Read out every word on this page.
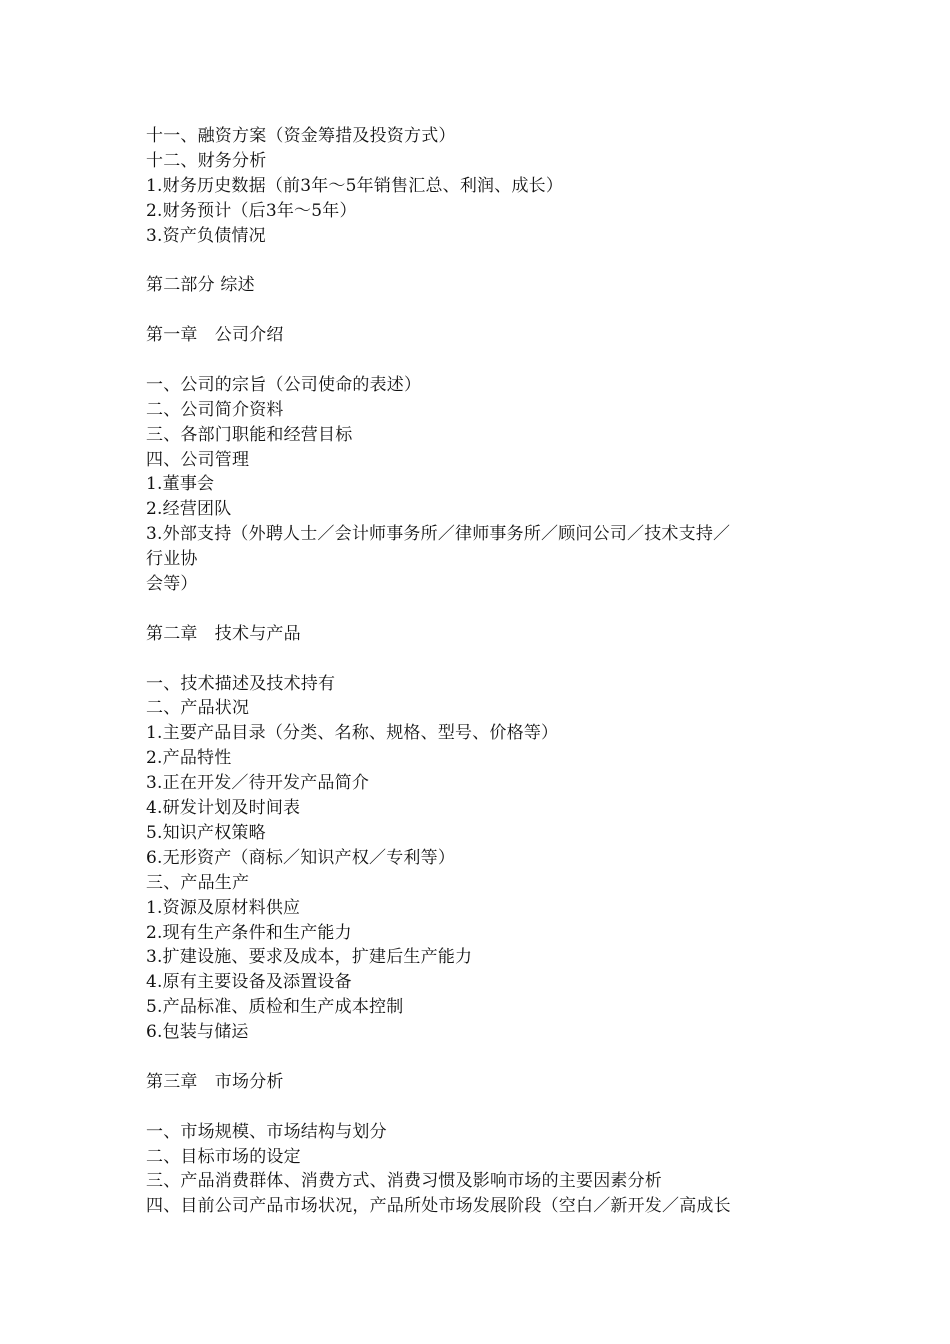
十一、融资方案（资金筹措及投资方式）
十二、财务分析
1.财务历史数据（前3年～5年销售汇总、利润、成长）
2.财务预计（后3年～5年）
3.资产负债情况
第二部分 综述
第一章　公司介绍
一、公司的宗旨（公司使命的表述）
二、公司简介资料
三、各部门职能和经营目标
四、公司管理
1.董事会
2.经营团队
3.外部支持（外聘人士／会计师事务所／律师事务所／顾问公司／技术支持／
行业协
会等）
第二章　技术与产品
一、技术描述及技术持有
二、产品状况
1.主要产品目录（分类、名称、规格、型号、价格等）
2.产品特性
3.正在开发／待开发产品简介
4.研发计划及时间表
5.知识产权策略
6.无形资产（商标／知识产权／专利等）
三、产品生产
1.资源及原材料供应
2.现有生产条件和生产能力
3.扩建设施、要求及成本，扩建后生产能力
4.原有主要设备及添置设备
5.产品标准、质检和生产成本控制
6.包装与储运
第三章　市场分析
一、市场规模、市场结构与划分
二、目标市场的设定
三、产品消费群体、消费方式、消费习惯及影响市场的主要因素分析
四、目前公司产品市场状况，产品所处市场发展阶段（空白／新开发／高成长
